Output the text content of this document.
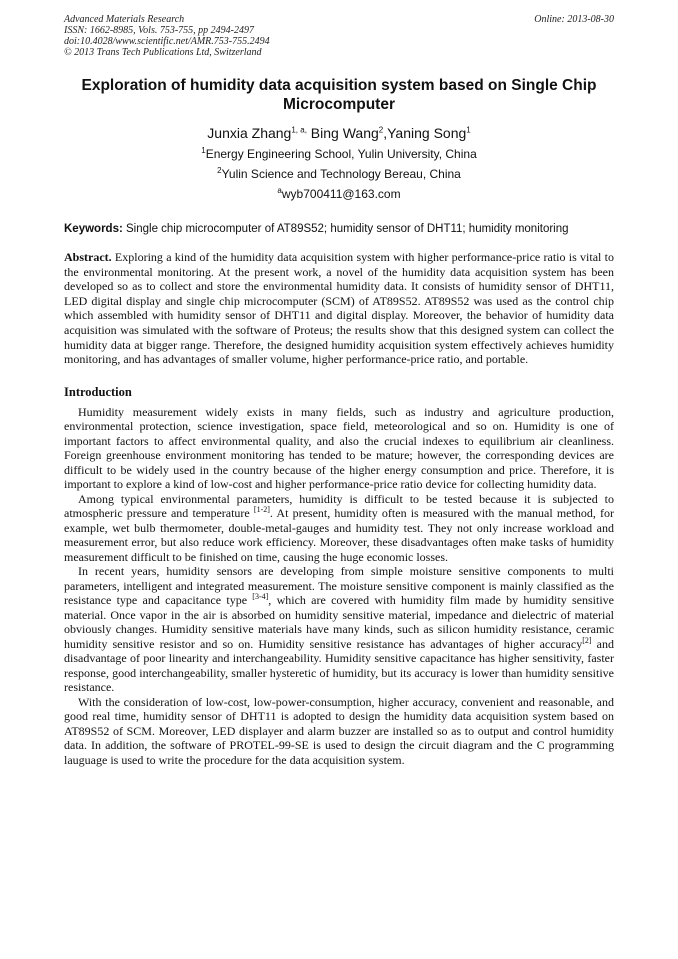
Advanced Materials Research
ISSN: 1662-8985, Vols. 753-755, pp 2494-2497
doi:10.4028/www.scientific.net/AMR.753-755.2494
© 2013 Trans Tech Publications Ltd, Switzerland
Online: 2013-08-30
Exploration of humidity data acquisition system based on Single Chip Microcomputer
Junxia Zhang$^{1, a,}$ Bing Wang$^2$,Yaning Song$^1$
$^1$Energy Engineering School, Yulin University, China
$^2$Yulin Science and Technology Bereau, China
$^a$wyb700411@163.com
Keywords: Single chip microcomputer of AT89S52; humidity sensor of DHT11; humidity monitoring
Abstract. Exploring a kind of the humidity data acquisition system with higher performance-price ratio is vital to the environmental monitoring. At the present work, a novel of the humidity data acquisition system has been developed so as to collect and store the environmental humidity data. It consists of humidity sensor of DHT11, LED digital display and single chip microcomputer (SCM) of AT89S52. AT89S52 was used as the control chip which assembled with humidity sensor of DHT11 and digital display. Moreover, the behavior of humidity data acquisition was simulated with the software of Proteus; the results show that this designed system can collect the humidity data at bigger range. Therefore, the designed humidity acquisition system effectively achieves humidity monitoring, and has advantages of smaller volume, higher performance-price ratio, and portable.
Introduction

Humidity measurement widely exists in many fields, such as industry and agriculture production, environmental protection, science investigation, space field, meteorological and so on. Humidity is one of important factors to affect environmental quality, and also the crucial indexes to equilibrium air cleanliness. Foreign greenhouse environment monitoring has tended to be mature; however, the corresponding devices are difficult to be widely used in the country because of the higher energy consumption and price. Therefore, it is important to explore a kind of low-cost and higher performance-price ratio device for collecting humidity data.

Among typical environmental parameters, humidity is difficult to be tested because it is subjected to atmospheric pressure and temperature [1-2]. At present, humidity often is measured with the manual method, for example, wet bulb thermometer, double-metal-gauges and humidity test. They not only increase workload and measurement error, but also reduce work efficiency. Moreover, these disadvantages often make tasks of humidity measurement difficult to be finished on time, causing the huge economic losses.

In recent years, humidity sensors are developing from simple moisture sensitive components to multi parameters, intelligent and integrated measurement. The moisture sensitive component is mainly classified as the resistance type and capacitance type [3-4], which are covered with humidity film made by humidity sensitive material. Once vapor in the air is absorbed on humidity sensitive material, impedance and dielectric of material obviously changes. Humidity sensitive materials have many kinds, such as silicon humidity resistance, ceramic humidity sensitive resistor and so on. Humidity sensitive resistance has advantages of higher accuracy[2] and disadvantage of poor linearity and interchangeability. Humidity sensitive capacitance has higher sensitivity, faster response, good interchangeability, smaller hysteretic of humidity, but its accuracy is lower than humidity sensitive resistance.

With the consideration of low-cost, low-power-consumption, higher accuracy, convenient and reasonable, and good real time, humidity sensor of DHT11 is adopted to design the humidity data acquisition system based on AT89S52 of SCM. Moreover, LED displayer and alarm buzzer are installed so as to output and control humidity data. In addition, the software of PROTEL-99-SE is used to design the circuit diagram and the C programming lauguage is used to write the procedure for the data acquisition system.
